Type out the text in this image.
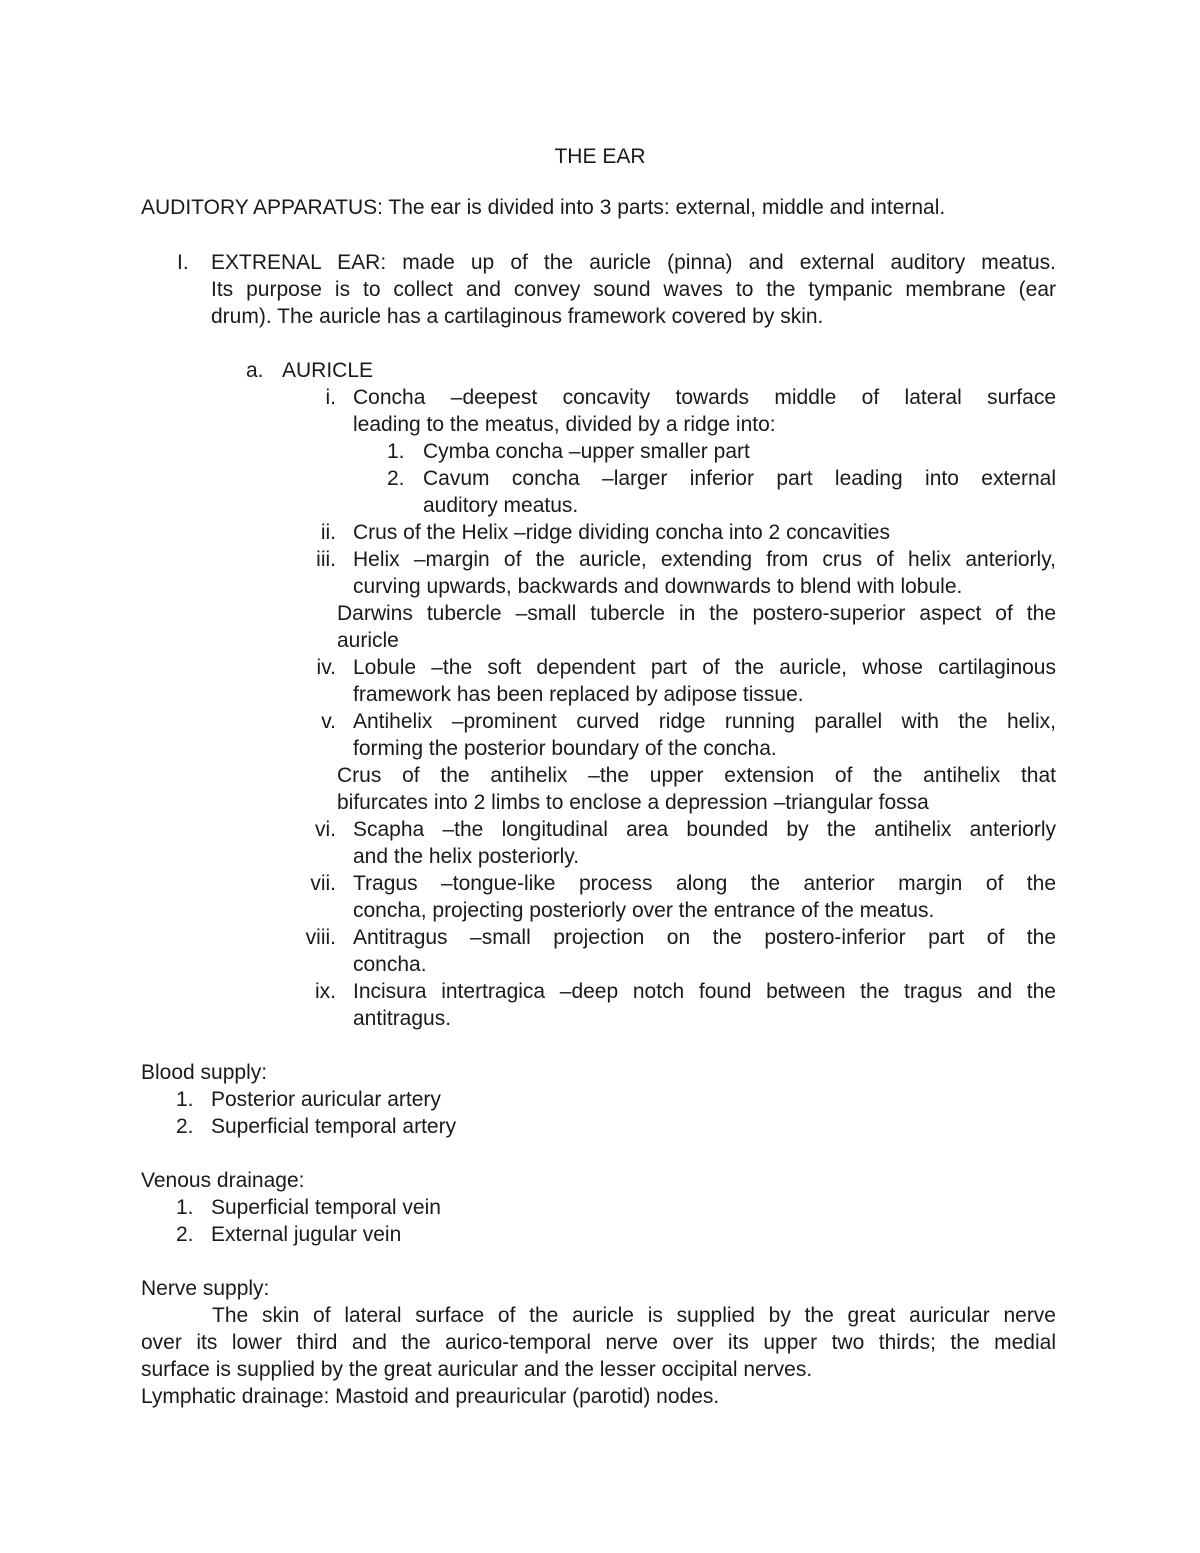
THE EAR
AUDITORY APPARATUS: The ear is divided into 3 parts: external, middle and internal.
I. EXTRENAL EAR: made up of the auricle (pinna) and external auditory meatus.
Its purpose is to collect and convey sound waves to the tympanic membrane (ear
drum). The auricle has a cartilaginous framework covered by skin.
a. AURICLE
i. Concha –deepest concavity towards middle of lateral surface
leading to the meatus, divided by a ridge into:
1. Cymba concha –upper smaller part
2. Cavum concha –larger inferior part leading into external
auditory meatus.
ii. Crus of the Helix –ridge dividing concha into 2 concavities
iii. Helix –margin of the auricle, extending from crus of helix anteriorly,
curving upwards, backwards and downwards to blend with lobule.
Darwins tubercle –small tubercle in the postero-superior aspect of the
auricle
iv. Lobule –the soft dependent part of the auricle, whose cartilaginous
framework has been replaced by adipose tissue.
v. Antihelix –prominent curved ridge running parallel with the helix,
forming the posterior boundary of the concha.
Crus of the antihelix –the upper extension of the antihelix that
bifurcates into 2 limbs to enclose a depression –triangular fossa
vi. Scapha –the longitudinal area bounded by the antihelix anteriorly
and the helix posteriorly.
vii. Tragus –tongue-like process along the anterior margin of the
concha, projecting posteriorly over the entrance of the meatus.
viii. Antitragus –small projection on the postero-inferior part of the
concha.
ix. Incisura intertragica –deep notch found between the tragus and the
antitragus.
Blood supply:
1. Posterior auricular artery
2. Superficial temporal artery
Venous drainage:
1. Superficial temporal vein
2. External jugular vein
Nerve supply:
The skin of lateral surface of the auricle is supplied by the great auricular nerve
over its lower third and the aurico-temporal nerve over its upper two thirds; the medial
surface is supplied by the great auricular and the lesser occipital nerves.
Lymphatic drainage: Mastoid and preauricular (parotid) nodes.
